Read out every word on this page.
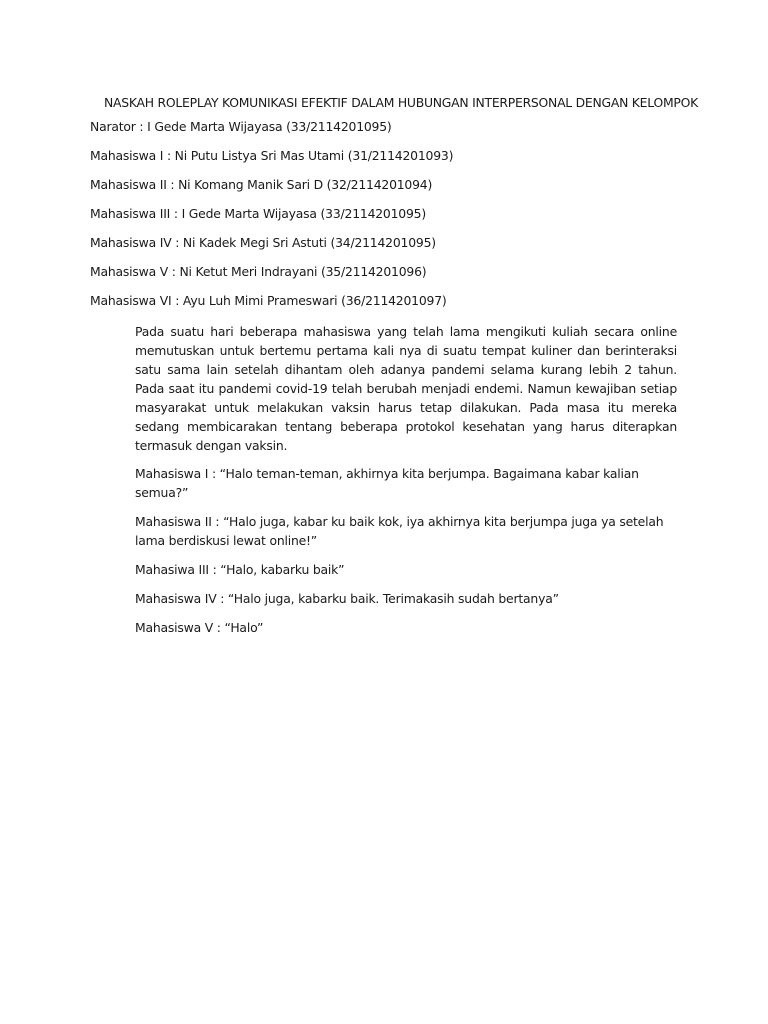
NASKAH ROLEPLAY KOMUNIKASI EFEKTIF DALAM HUBUNGAN INTERPERSONAL DENGAN KELOMPOK

Narator : I Gede Marta Wijayasa (33/2114201095)

Mahasiswa I : Ni Putu Listya Sri Mas Utami (31/2114201093)

Mahasiswa II : Ni Komang Manik Sari D (32/2114201094)

Mahasiswa III : I Gede Marta Wijayasa (33/2114201095)

Mahasiswa IV : Ni Kadek Megi Sri Astuti (34/2114201095)

Mahasiswa V : Ni Ketut Meri Indrayani (35/2114201096)

Mahasiswa VI : Ayu Luh Mimi Prameswari (36/2114201097)

Pada suatu hari beberapa mahasiswa yang telah lama mengikuti kuliah secara online memutuskan untuk bertemu pertama kali nya di suatu tempat kuliner dan berinteraksi satu sama lain setelah dihantam oleh adanya pandemi selama kurang lebih 2 tahun. Pada saat itu pandemi covid-19 telah berubah menjadi endemi. Namun kewajiban setiap masyarakat untuk melakukan vaksin harus tetap dilakukan. Pada masa itu mereka sedang membicarakan tentang beberapa protokol kesehatan yang harus diterapkan termasuk dengan vaksin.

Mahasiswa I : “Halo teman-teman, akhirnya kita berjumpa. Bagaimana kabar kalian semua?”

Mahasiswa II : “Halo juga, kabar ku baik kok, iya akhirnya kita berjumpa juga ya setelah lama berdiskusi lewat online!”

Mahasiwa III : “Halo, kabarku baik”

Mahasiswa IV : “Halo juga, kabarku baik. Terimakasih sudah bertanya”

Mahasiswa V : “Halo”
